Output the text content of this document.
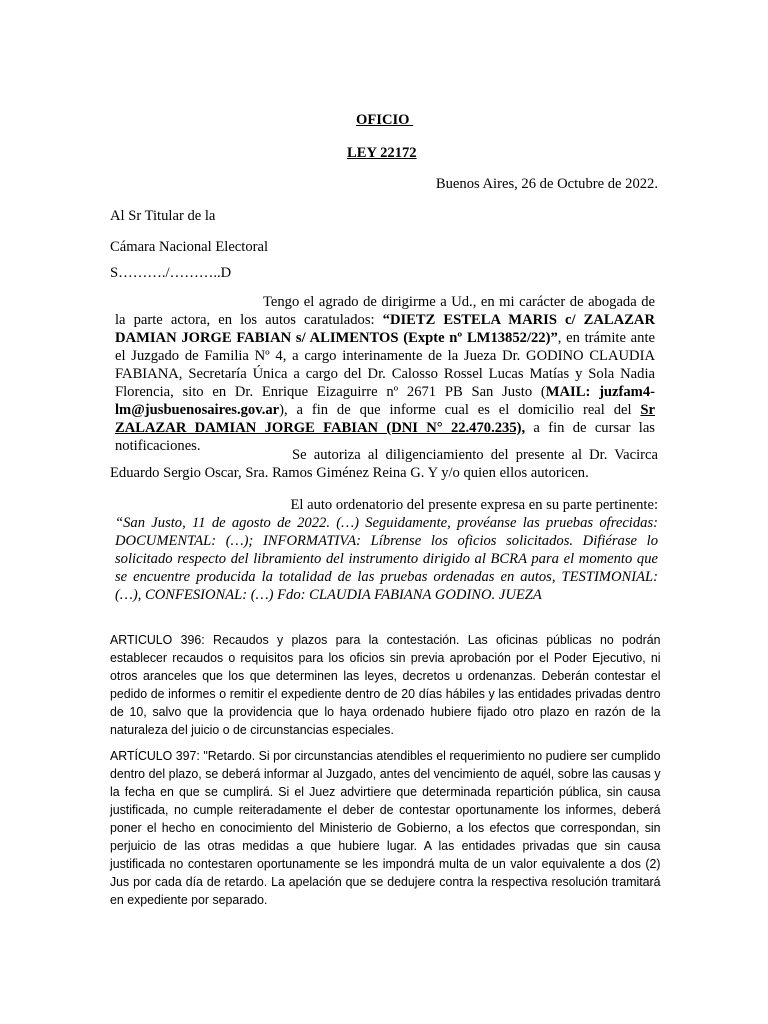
OFICIO
LEY 22172
Buenos Aires, 26 de Octubre de 2022.
Al Sr Titular de la
Cámara Nacional Electoral
S………./………..D

Tengo el agrado de dirigirme a Ud., en mi carácter de abogada de la parte actora, en los autos caratulados: “DIETZ ESTELA MARIS c/ ZALAZAR DAMIAN JORGE FABIAN s/ ALIMENTOS (Expte nº LM13852/22)”, en trámite ante el Juzgado de Familia Nº 4, a cargo interinamente de la Jueza Dr. GODINO CLAUDIA FABIANA, Secretaría Única a cargo del Dr. Calosso Rossel Lucas Matías y Sola Nadia Florencia, sito en Dr. Enrique Eizaguirre nº 2671 PB San Justo (MAIL: juzfam4-lm@jusbuenosaires.gov.ar), a fin de que informe cual es el domicilio real del Sr ZALAZAR DAMIAN JORGE FABIAN (DNI N° 22.470.235), a fin de cursar las notificaciones.

Se autoriza al diligenciamiento del presente al Dr. Vacirca Eduardo Sergio Oscar, Sra. Ramos Giménez Reina G. Y y/o quien ellos autoricen.

El auto ordenatorio del presente expresa en su parte pertinente:

“San Justo, 11 de agosto de 2022. (…) Seguidamente, provéanse las pruebas ofrecidas: DOCUMENTAL: (…); INFORMATIVA: Líbrense los oficios solicitados. Difiérase lo solicitado respecto del libramiento del instrumento dirigido al BCRA para el momento que se encuentre producida la totalidad de las pruebas ordenadas en autos, TESTIMONIAL: (…), CONFESIONAL: (…) Fdo: CLAUDIA FABIANA GODINO. JUEZA

ARTICULO 396: Recaudos y plazos para la contestación. Las oficinas públicas no podrán establecer recaudos o requisitos para los oficios sin previa aprobación por el Poder Ejecutivo, ni otros aranceles que los que determinen las leyes, decretos u ordenanzas. Deberán contestar el pedido de informes o remitir el expediente dentro de 20 días hábiles y las entidades privadas dentro de 10, salvo que la providencia que lo haya ordenado hubiere fijado otro plazo en razón de la naturaleza del juicio o de circunstancias especiales.

ARTÍCULO 397: "Retardo. Si por circunstancias atendibles el requerimiento no pudiere ser cumplido dentro del plazo, se deberá informar al Juzgado, antes del vencimiento de aquél, sobre las causas y la fecha en que se cumplirá. Si el Juez advirtiere que determinada repartición pública, sin causa justificada, no cumple reiteradamente el deber de contestar oportunamente los informes, deberá poner el hecho en conocimiento del Ministerio de Gobierno, a los efectos que correspondan, sin perjuicio de las otras medidas a que hubiere lugar. A las entidades privadas que sin causa justificada no contestaren oportunamente se les impondrá multa de un valor equivalente a dos (2) Jus por cada día de retardo. La apelación que se dedujere contra la respectiva resolución tramitará en expediente por separado.
